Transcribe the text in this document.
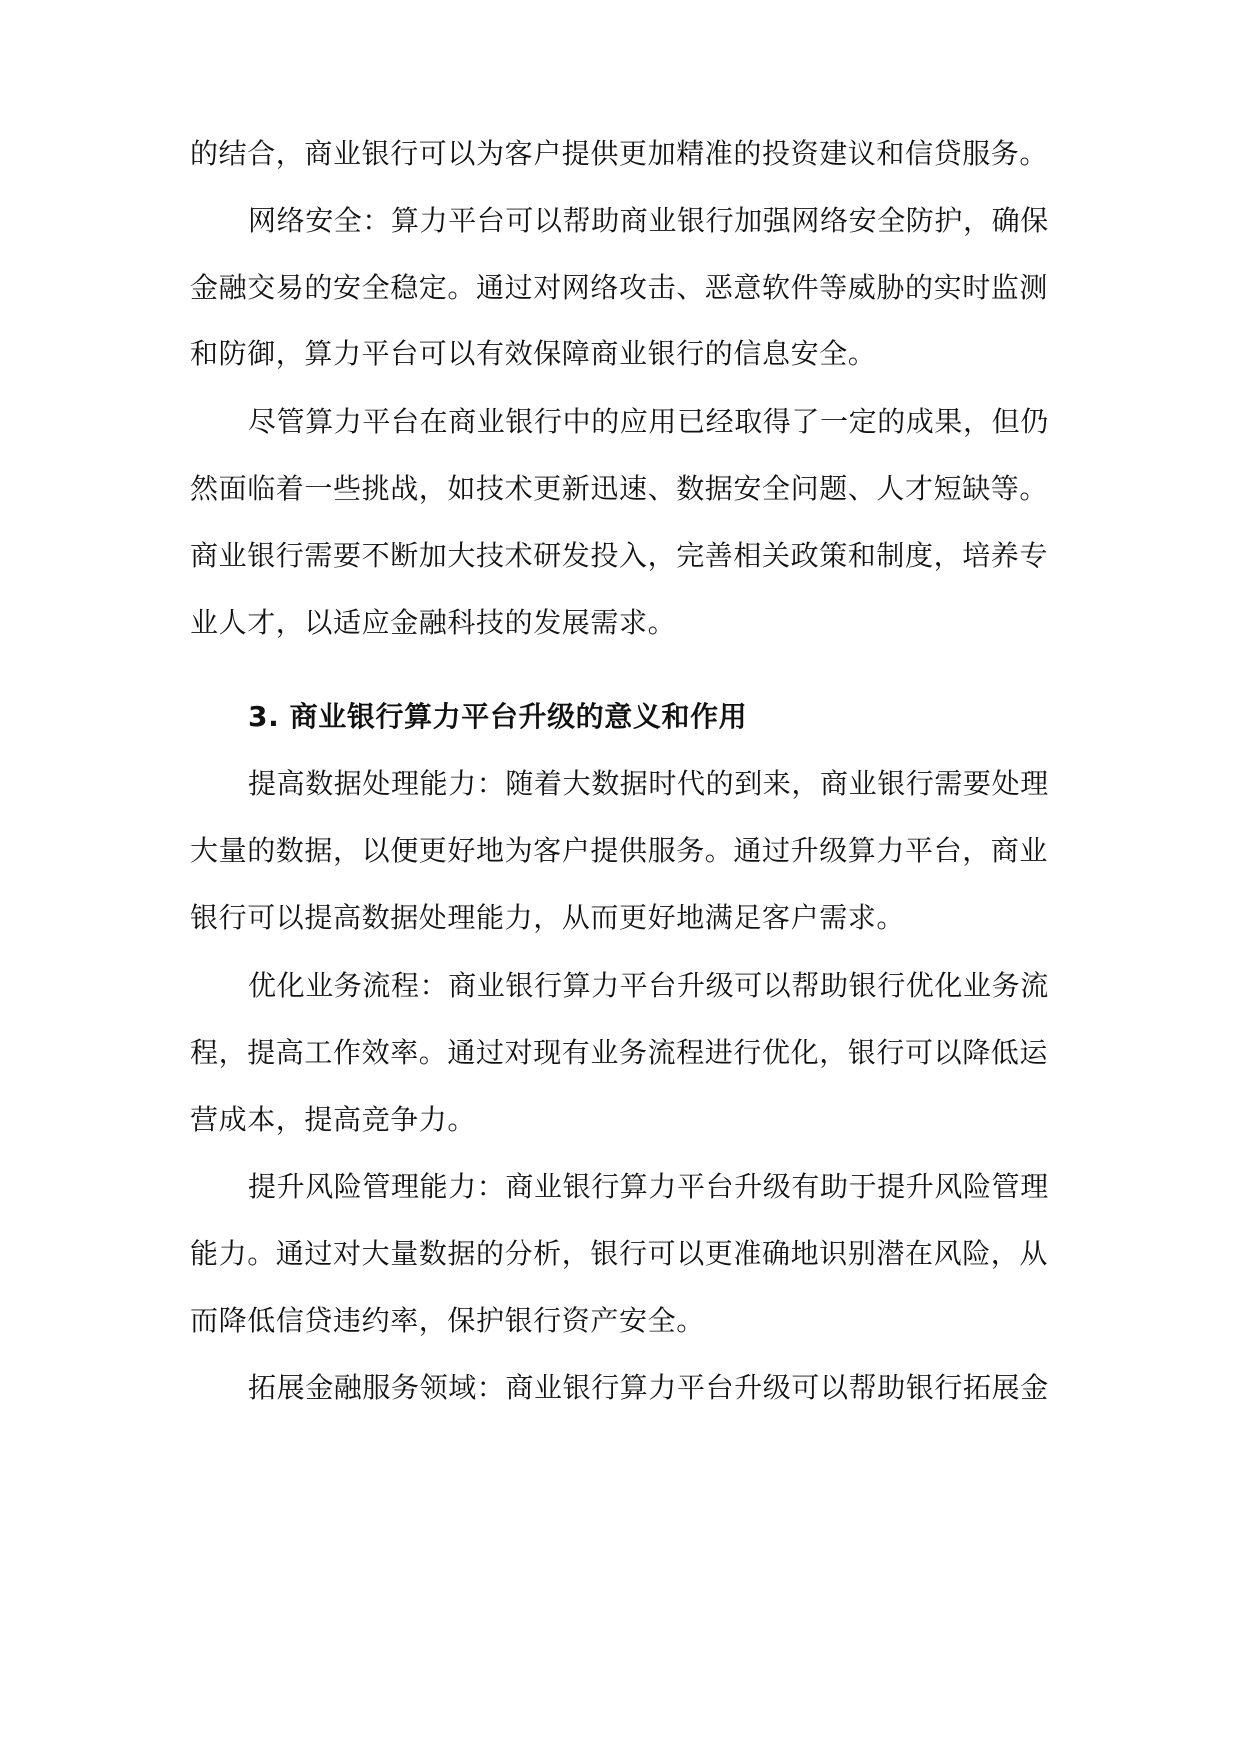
的结合，商业银行可以为客户提供更加精准的投资建议和信贷服务。

网络安全：算力平台可以帮助商业银行加强网络安全防护，确保

金融交易的安全稳定。通过对网络攻击、恶意软件等威胁的实时监测

和防御，算力平台可以有效保障商业银行的信息安全。

尽管算力平台在商业银行中的应用已经取得了一定的成果，但仍

然面临着一些挑战，如技术更新迅速、数据安全问题、人才短缺等。

商业银行需要不断加大技术研发投入，完善相关政策和制度，培养专

业人才，以适应金融科技的发展需求。

3. 商业银行算力平台升级的意义和作用

提高数据处理能力：随着大数据时代的到来，商业银行需要处理

大量的数据，以便更好地为客户提供服务。通过升级算力平台，商业

银行可以提高数据处理能力，从而更好地满足客户需求。

优化业务流程：商业银行算力平台升级可以帮助银行优化业务流

程，提高工作效率。通过对现有业务流程进行优化，银行可以降低运

营成本，提高竞争力。

提升风险管理能力：商业银行算力平台升级有助于提升风险管理

能力。通过对大量数据的分析，银行可以更准确地识别潜在风险，从

而降低信贷违约率，保护银行资产安全。

拓展金融服务领域：商业银行算力平台升级可以帮助银行拓展金
